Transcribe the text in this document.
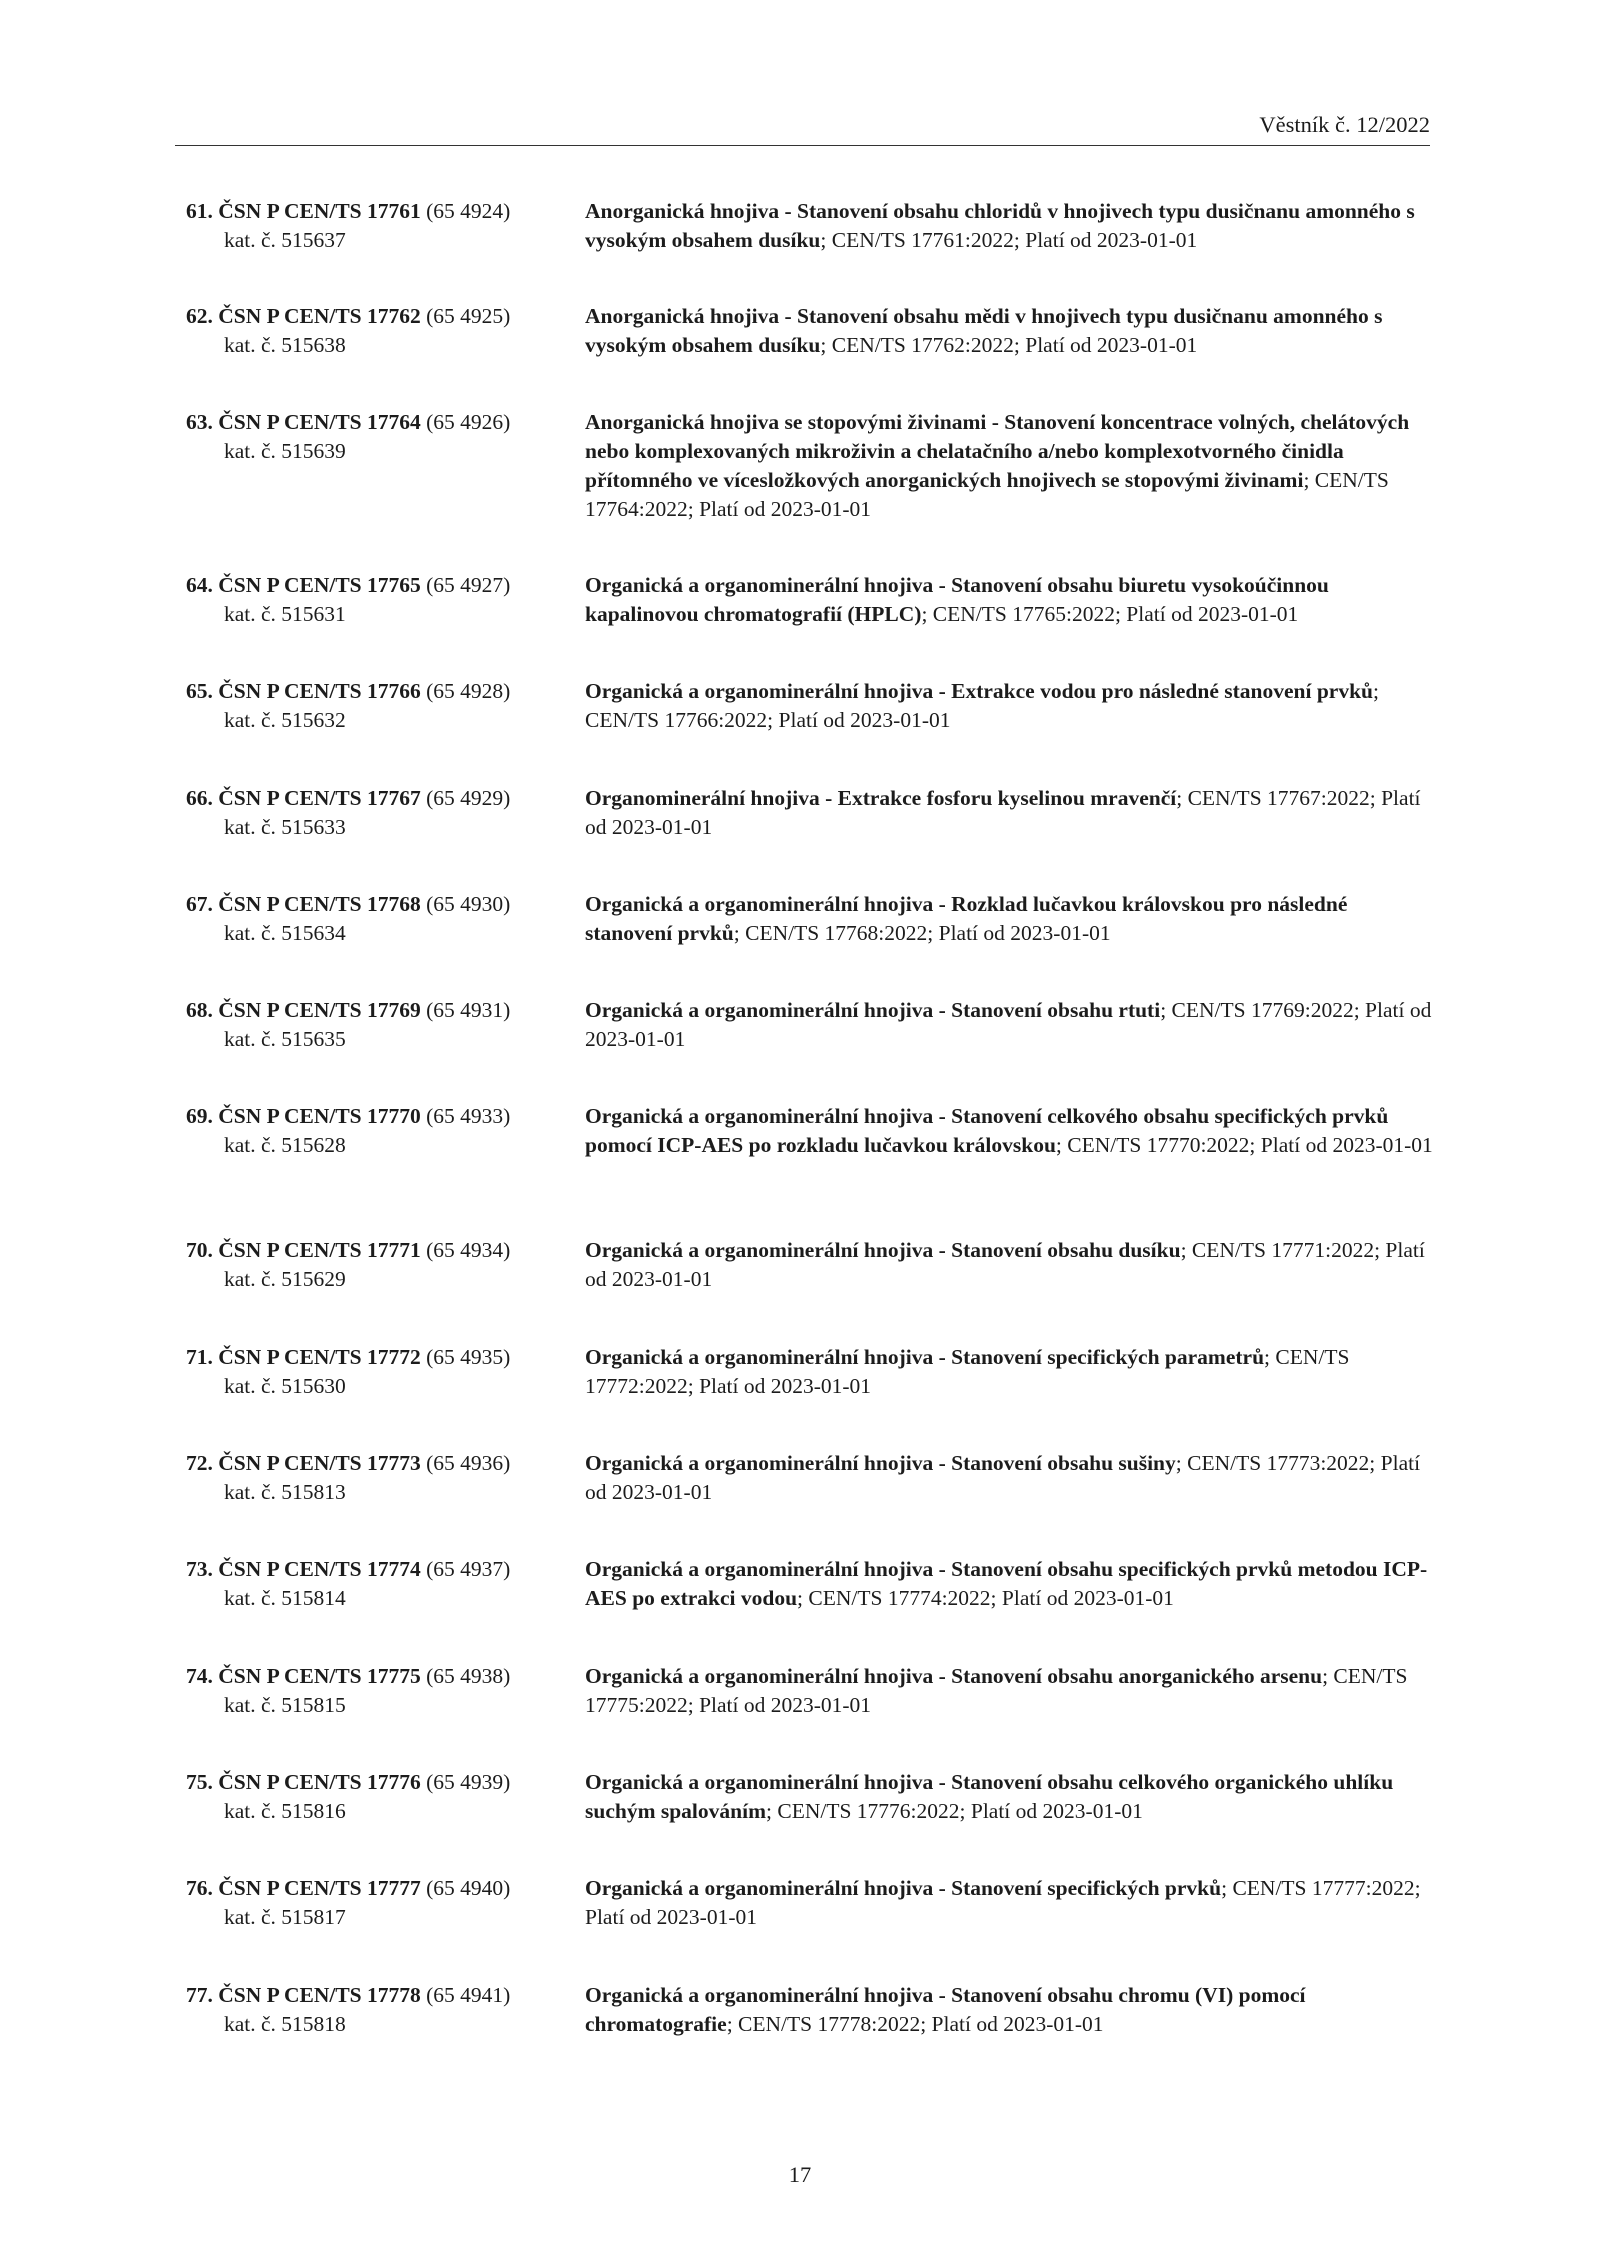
Věstník č. 12/2022
61. ČSN P CEN/TS 17761 (65 4924)
kat. č. 515637
Anorganická hnojiva - Stanovení obsahu chloridů v hnojivech typu dusičnanu amonného s vysokým obsahem dusíku; CEN/TS 17761:2022; Platí od 2023-01-01
62. ČSN P CEN/TS 17762 (65 4925)
kat. č. 515638
Anorganická hnojiva - Stanovení obsahu mědi v hnojivech typu dusičnanu amonného s vysokým obsahem dusíku; CEN/TS 17762:2022; Platí od 2023-01-01
63. ČSN P CEN/TS 17764 (65 4926)
kat. č. 515639
Anorganická hnojiva se stopovými živinami - Stanovení koncentrace volných, chelátových nebo komplexovaných mikroživin a chelatačního a/nebo komplexotvorného činidla přítomného ve vícesložkových anorganických hnojivech se stopovými živinami; CEN/TS 17764:2022; Platí od 2023-01-01
64. ČSN P CEN/TS 17765 (65 4927)
kat. č. 515631
Organická a organominerální hnojiva - Stanovení obsahu biuretu vysokoúčinnou kapalinovou chromatografií (HPLC); CEN/TS 17765:2022; Platí od 2023-01-01
65. ČSN P CEN/TS 17766 (65 4928)
kat. č. 515632
Organická a organominerální hnojiva - Extrakce vodou pro následné stanovení prvků; CEN/TS 17766:2022; Platí od 2023-01-01
66. ČSN P CEN/TS 17767 (65 4929)
kat. č. 515633
Organominerální hnojiva - Extrakce fosforu kyselinou mravenčí; CEN/TS 17767:2022; Platí od 2023-01-01
67. ČSN P CEN/TS 17768 (65 4930)
kat. č. 515634
Organická a organominerální hnojiva - Rozklad lučavkou královskou pro následné stanovení prvků; CEN/TS 17768:2022; Platí od 2023-01-01
68. ČSN P CEN/TS 17769 (65 4931)
kat. č. 515635
Organická a organominerální hnojiva - Stanovení obsahu rtuti; CEN/TS 17769:2022; Platí od 2023-01-01
69. ČSN P CEN/TS 17770 (65 4933)
kat. č. 515628
Organická a organominerální hnojiva - Stanovení celkového obsahu specifických prvků pomocí ICP-AES po rozkladu lučavkou královskou; CEN/TS 17770:2022; Platí od 2023-01-01
70. ČSN P CEN/TS 17771 (65 4934)
kat. č. 515629
Organická a organominerální hnojiva - Stanovení obsahu dusíku; CEN/TS 17771:2022; Platí od 2023-01-01
71. ČSN P CEN/TS 17772 (65 4935)
kat. č. 515630
Organická a organominerální hnojiva - Stanovení specifických parametrů; CEN/TS 17772:2022; Platí od 2023-01-01
72. ČSN P CEN/TS 17773 (65 4936)
kat. č. 515813
Organická a organominerální hnojiva - Stanovení obsahu sušiny; CEN/TS 17773:2022; Platí od 2023-01-01
73. ČSN P CEN/TS 17774 (65 4937)
kat. č. 515814
Organická a organominerální hnojiva - Stanovení obsahu specifických prvků metodou ICP-AES po extrakci vodou; CEN/TS 17774:2022; Platí od 2023-01-01
74. ČSN P CEN/TS 17775 (65 4938)
kat. č. 515815
Organická a organominerální hnojiva - Stanovení obsahu anorganického arsenu; CEN/TS 17775:2022; Platí od 2023-01-01
75. ČSN P CEN/TS 17776 (65 4939)
kat. č. 515816
Organická a organominerální hnojiva - Stanovení obsahu celkového organického uhlíku suchým spalováním; CEN/TS 17776:2022; Platí od 2023-01-01
76. ČSN P CEN/TS 17777 (65 4940)
kat. č. 515817
Organická a organominerální hnojiva - Stanovení specifických prvků; CEN/TS 17777:2022; Platí od 2023-01-01
77. ČSN P CEN/TS 17778 (65 4941)
kat. č. 515818
Organická a organominerální hnojiva - Stanovení obsahu chromu (VI) pomocí chromatografie; CEN/TS 17778:2022; Platí od 2023-01-01
17
